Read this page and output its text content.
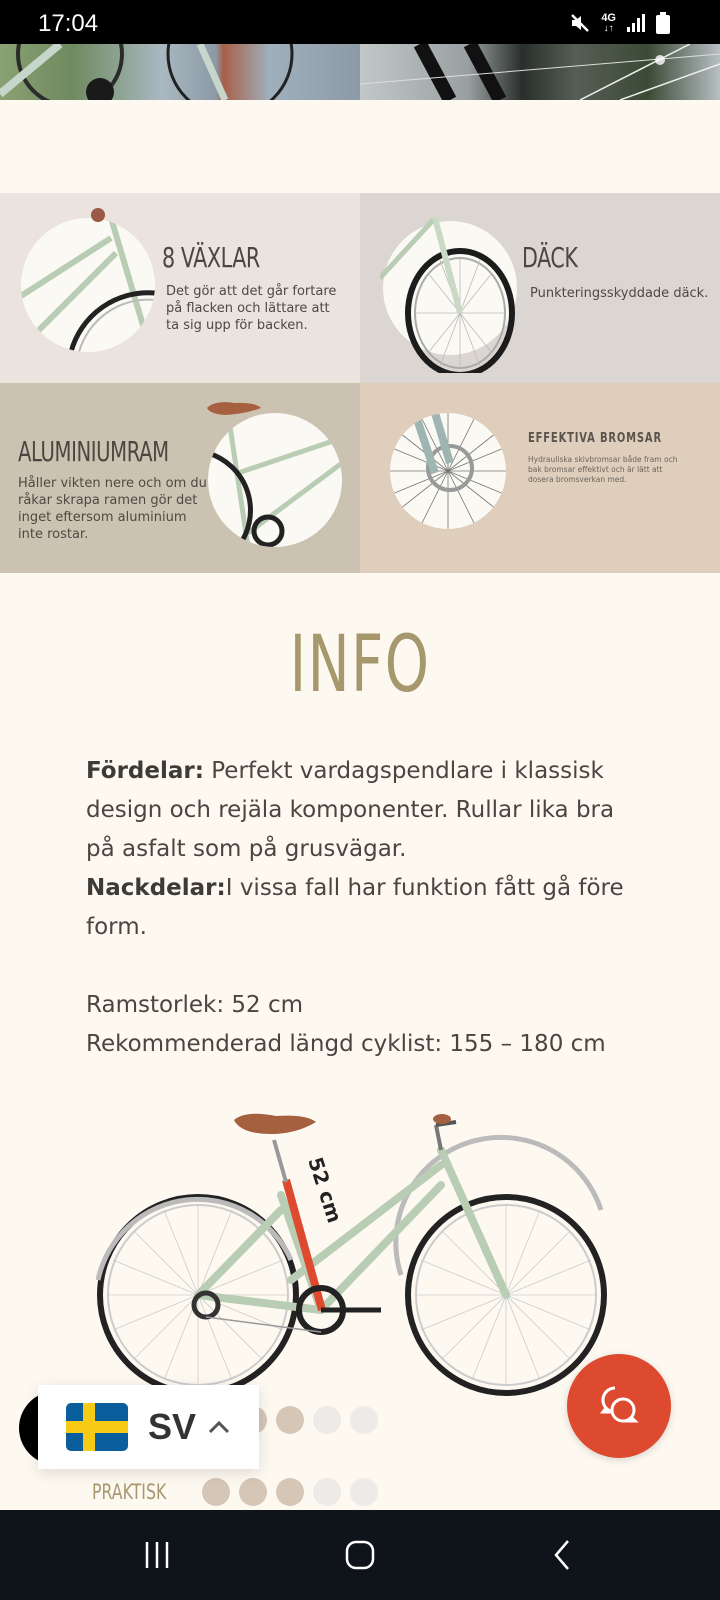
17:04	4G
↓↑
8 VÄXLAR
Det gör att det går fortare på flacken och lättare att ta sig upp för backen.
DÄCK
Punkteringsskyddade däck.
ALUMINIUMRAM
Håller vikten nere och om du råkar skrapa ramen gör det inget eftersom aluminium inte rostar.
EFFEKTIVA BROMSAR
Hydrauliska skivbromsar både fram och bak bromsar effektivt och är lätt att dosera bromsverkan med.
INFO
Fördelar: Perfekt vardagspendlare i klassisk design och rejäla komponenter. Rullar lika bra på asfalt som på grusvägar.
Nackdelar:I vissa fall har funktion fått gå före form.
Ramstorlek: 52 cm
Rekommenderad längd cyklist: 155 – 180 cm
52 cm
PRAKTISK
SV
